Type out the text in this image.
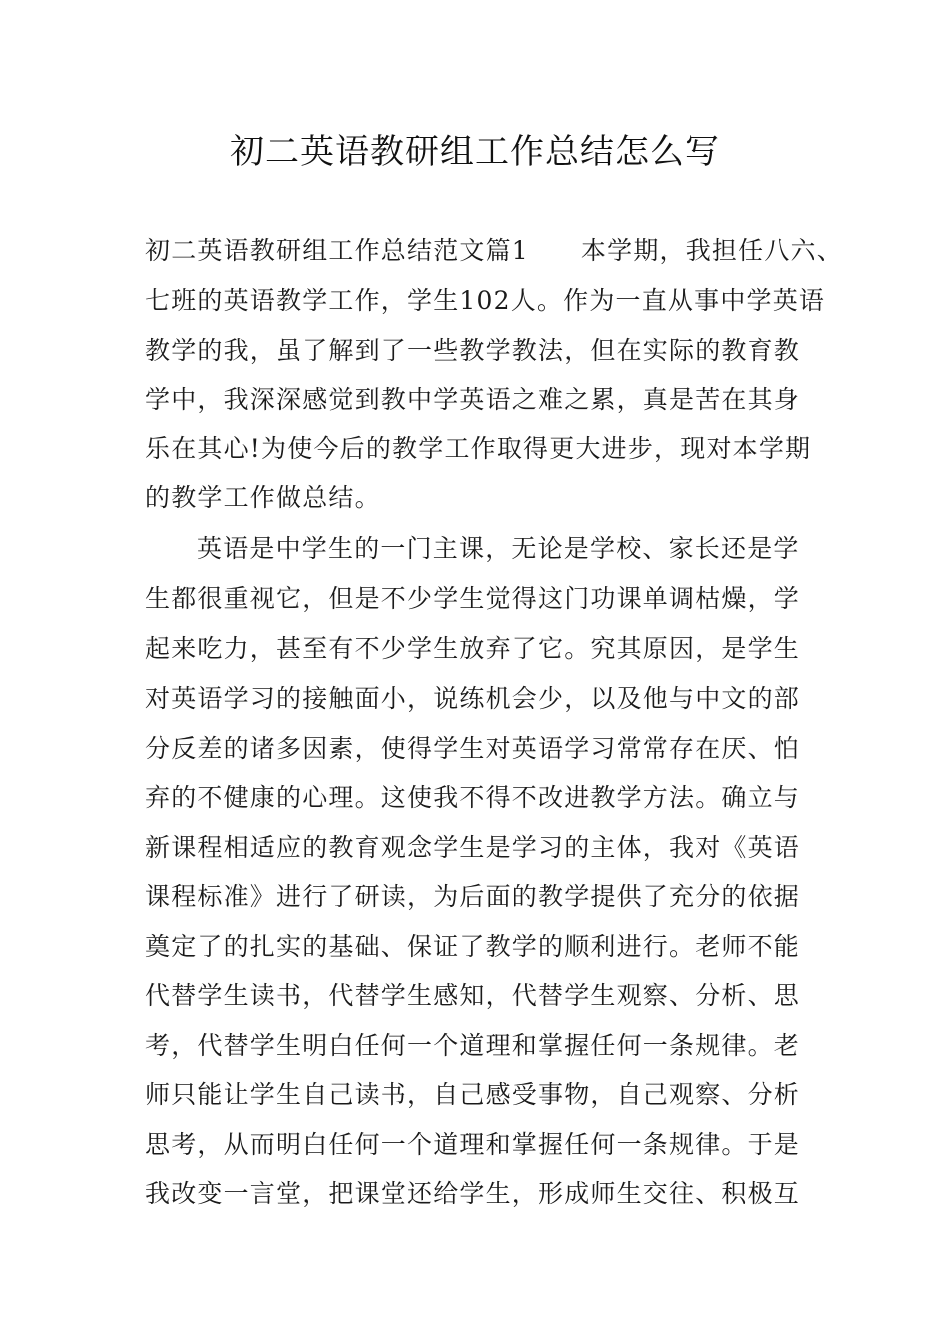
初二英语教研组工作总结怎么写
初二英语教研组工作总结范文篇1 本学期，我担任八六、
七班的英语教学工作，学生102人。作为一直从事中学英语
教学的我，虽了解到了一些教学教法，但在实际的教育教
学中，我深深感觉到教中学英语之难之累，真是苦在其身
乐在其心!为使今后的教学工作取得更大进步，现对本学期
的教学工作做总结。
英语是中学生的一门主课，无论是学校、家长还是学
生都很重视它，但是不少学生觉得这门功课单调枯燥，学
起来吃力，甚至有不少学生放弃了它。究其原因，是学生
对英语学习的接触面小，说练机会少，以及他与中文的部
分反差的诸多因素，使得学生对英语学习常常存在厌、怕
弃的不健康的心理。这使我不得不改进教学方法。确立与
新课程相适应的教育观念学生是学习的主体，我对《英语
课程标准》进行了研读，为后面的教学提供了充分的依据
奠定了的扎实的基础、保证了教学的顺利进行。老师不能
代替学生读书，代替学生感知，代替学生观察、分析、思
考，代替学生明白任何一个道理和掌握任何一条规律。老
师只能让学生自己读书，自己感受事物，自己观察、分析
思考，从而明白任何一个道理和掌握任何一条规律。于是
我改变一言堂，把课堂还给学生，形成师生交往、积极互
